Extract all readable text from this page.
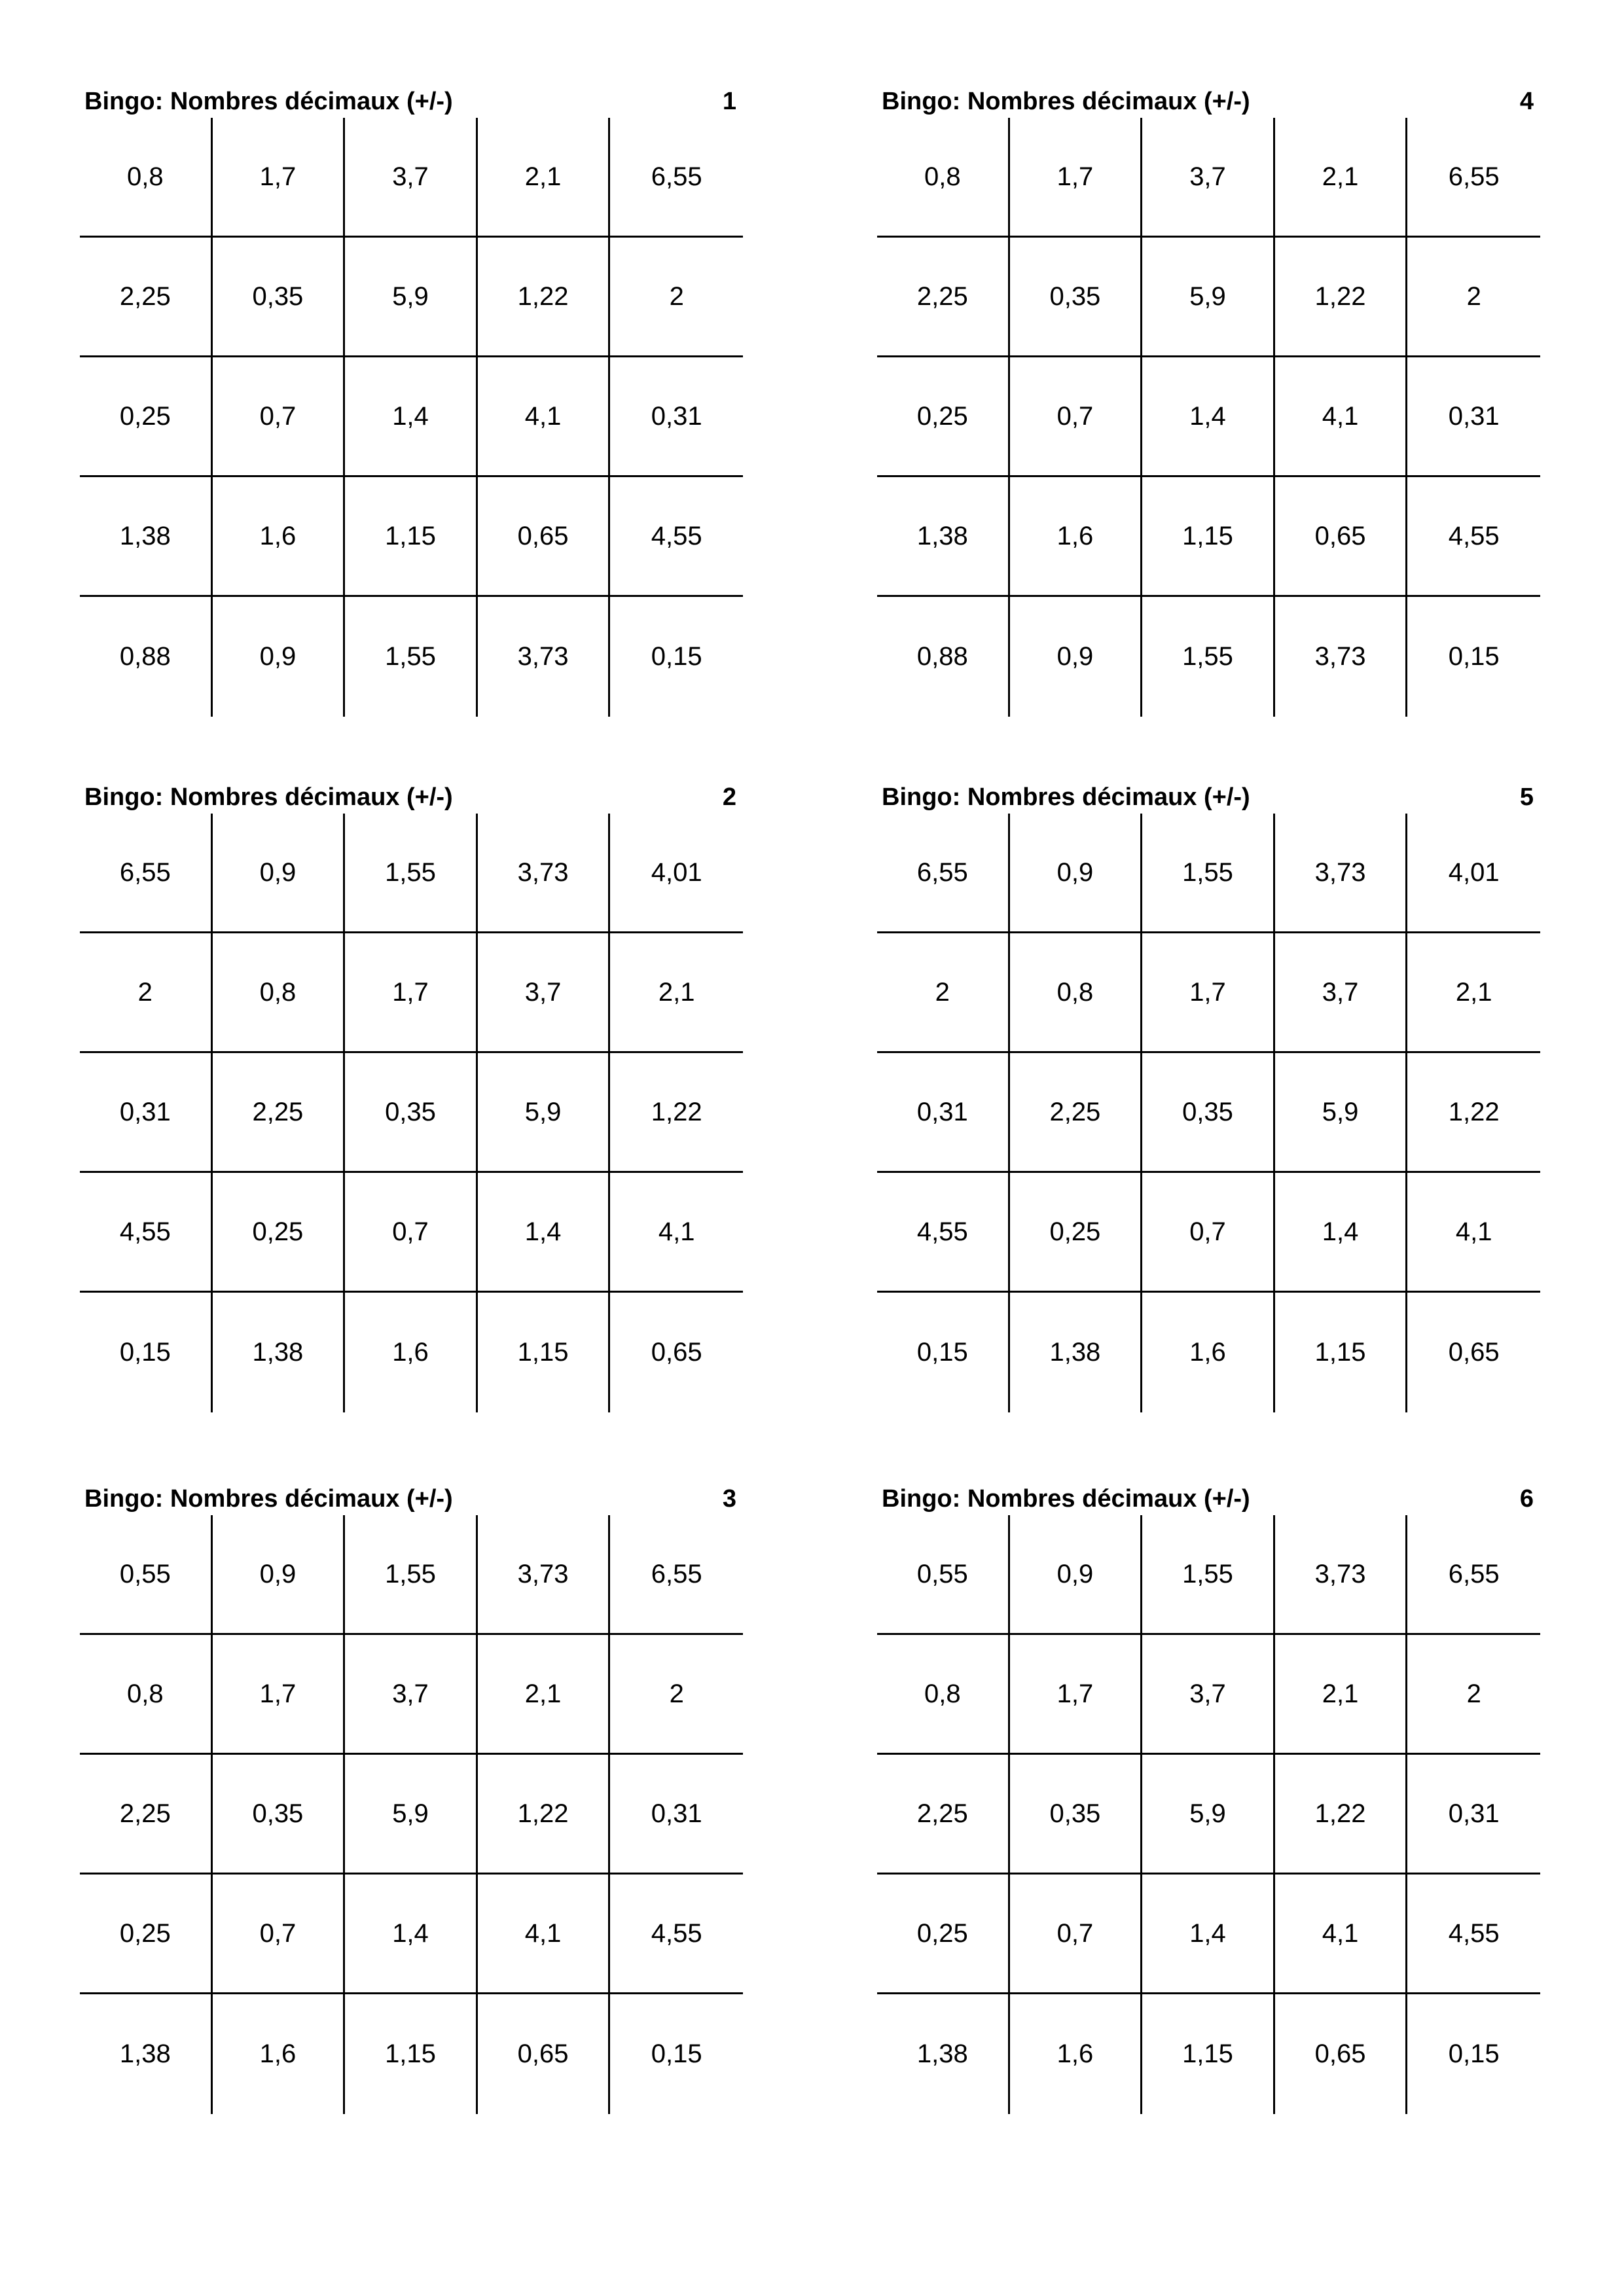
Bingo: Nombres décimaux (+/-)	1
0,8	1,7	3,7	2,1	6,55
2,25	0,35	5,9	1,22	2
0,25	0,7	1,4	4,1	0,31
1,38	1,6	1,15	0,65	4,55
0,88	0,9	1,55	3,73	0,15
Bingo: Nombres décimaux (+/-)	4
0,8	1,7	3,7	2,1	6,55
2,25	0,35	5,9	1,22	2
0,25	0,7	1,4	4,1	0,31
1,38	1,6	1,15	0,65	4,55
0,88	0,9	1,55	3,73	0,15
Bingo: Nombres décimaux (+/-)	2
6,55	0,9	1,55	3,73	4,01
2	0,8	1,7	3,7	2,1
0,31	2,25	0,35	5,9	1,22
4,55	0,25	0,7	1,4	4,1
0,15	1,38	1,6	1,15	0,65
Bingo: Nombres décimaux (+/-)	5
6,55	0,9	1,55	3,73	4,01
2	0,8	1,7	3,7	2,1
0,31	2,25	0,35	5,9	1,22
4,55	0,25	0,7	1,4	4,1
0,15	1,38	1,6	1,15	0,65
Bingo: Nombres décimaux (+/-)	3
0,55	0,9	1,55	3,73	6,55
0,8	1,7	3,7	2,1	2
2,25	0,35	5,9	1,22	0,31
0,25	0,7	1,4	4,1	4,55
1,38	1,6	1,15	0,65	0,15
Bingo: Nombres décimaux (+/-)	6
0,55	0,9	1,55	3,73	6,55
0,8	1,7	3,7	2,1	2
2,25	0,35	5,9	1,22	0,31
0,25	0,7	1,4	4,1	4,55
1,38	1,6	1,15	0,65	0,15
